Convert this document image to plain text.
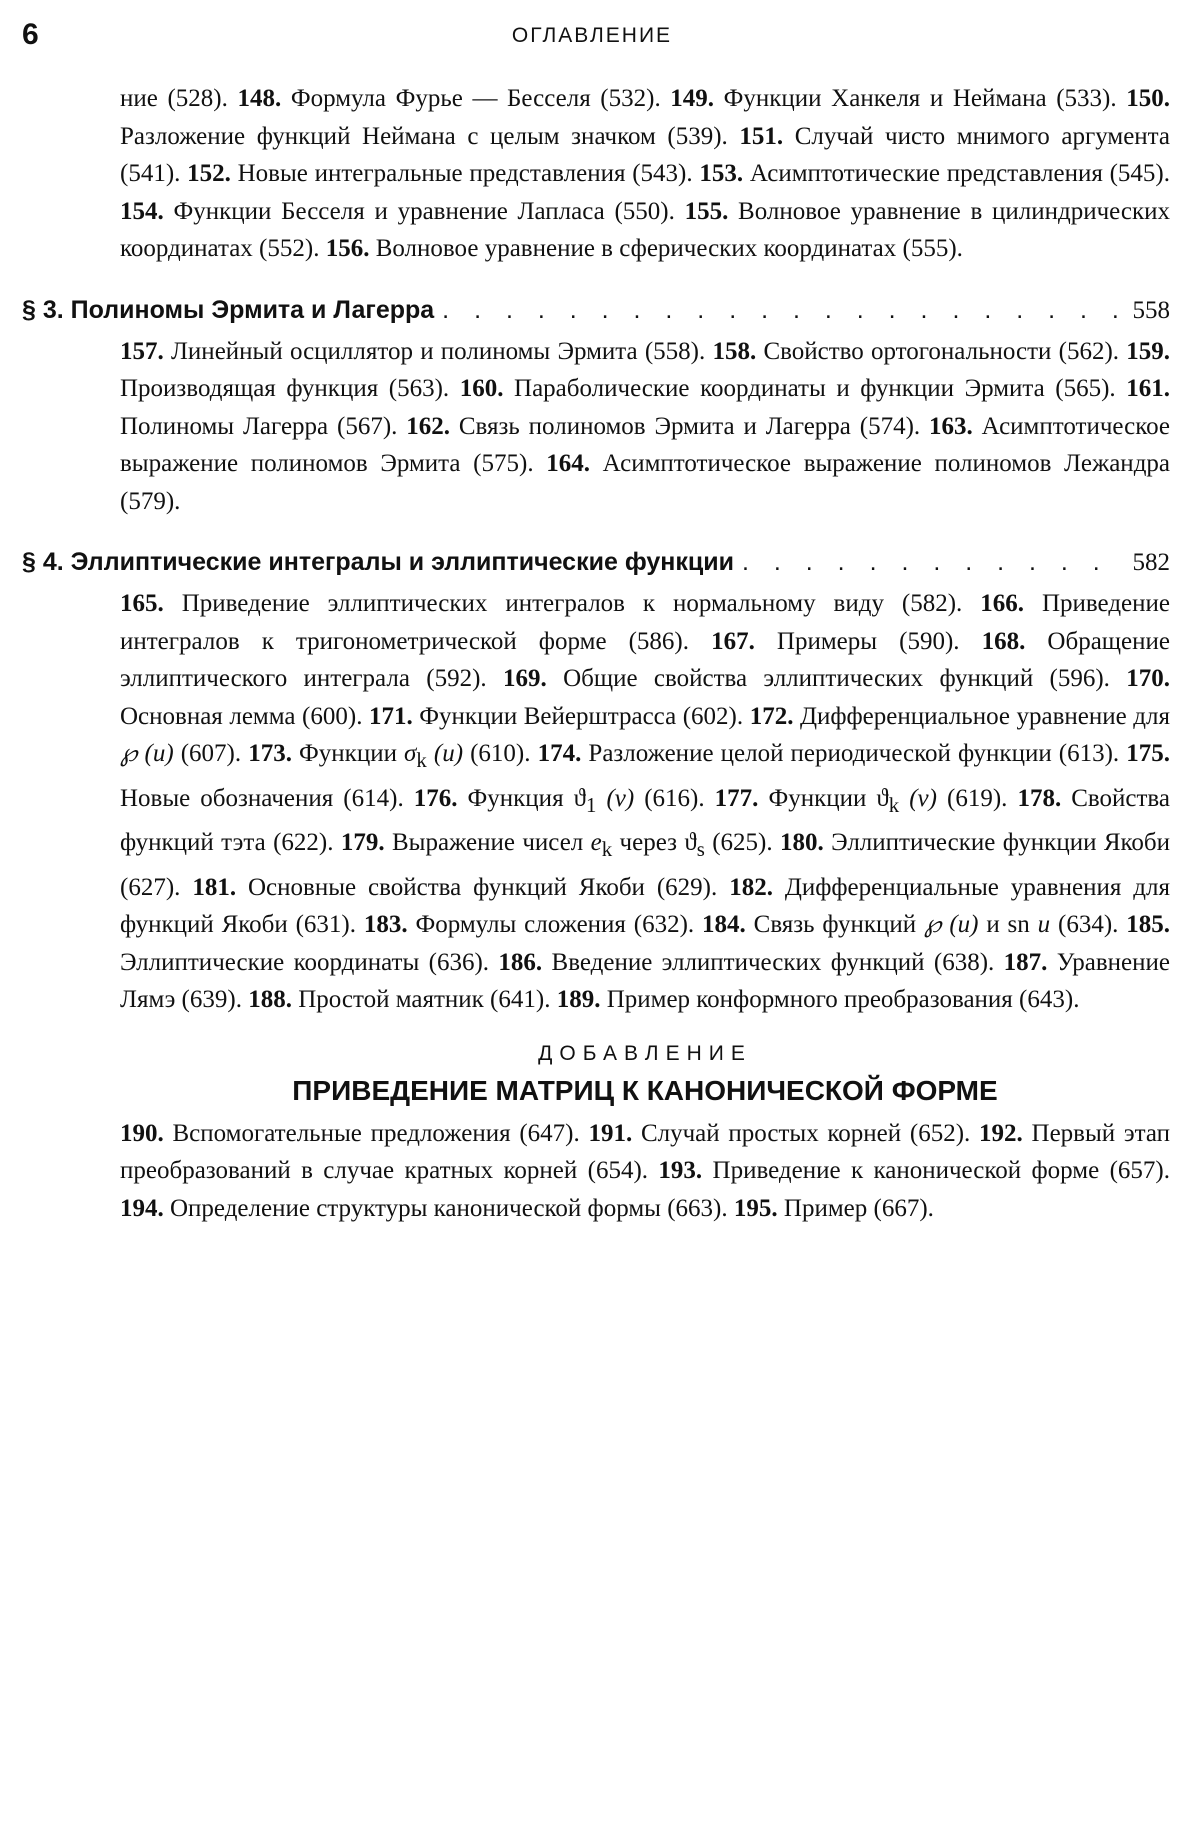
6	ОГЛАВЛЕНИЕ
ние (528). 148. Формула Фурье — Бесселя (532). 149. Функции Ханкеля и Неймана (533). 150. Разложение функций Неймана с целым значком (539). 151. Случай чисто мнимого аргумента (541). 152. Новые интегральные представления (543). 153. Асимптотические представления (545). 154. Функции Бесселя и уравнение Лапласа (550). 155. Волновое уравнение в цилиндрических координатах (552). 156. Волновое уравнение в сферических координатах (555).
§ 3. Полиномы Эрмита и Лагерра . . .	558
157. Линейный осциллятор и полиномы Эрмита (558). 158. Свойство ортогональности (562). 159. Производящая функция (563). 160. Параболические координаты и функции Эрмита (565). 161. Полиномы Лагерра (567). 162. Связь полиномов Эрмита и Лагерра (574). 163. Асимптотическое выражение полиномов Эрмита (575). 164. Асимптотическое выражение полиномов Лежандра (579).
§ 4. Эллиптические интегралы и эллиптические функции . . .	582
165. Приведение эллиптических интегралов к нормальному виду (582). 166. Приведение интегралов к тригонометрической форме (586). 167. Примеры (590). 168. Обращение эллиптического интеграла (592). 169. Общие свойства эллиптических функций (596). 170. Основная лемма (600). 171. Функции Вейерштрасса (602). 172. Дифференциальное уравнение для ℘ (u) (607). 173. Функции $\sigma_k$ (u) (610). 174. Разложение целой периодической функции (613). 175. Новые обозначения (614). 176. Функция $ϑ_1$ (v) (616). 177. Функции $ϑ_k$ (v) (619). 178. Свойства функций тэта (622). 179. Выражение чисел $e_k$ через $ϑ_s$ (625). 180. Эллиптические функции Якоби (627). 181. Основные свойства функций Якоби (629). 182. Дифференциальные уравнения для функций Якоби (631). 183. Формулы сложения (632). 184. Связь функций ℘ (u) и sn u (634). 185. Эллиптические координаты (636). 186. Введение эллиптических функций (638). 187. Уравнение Лямэ (639). 188. Простой маятник (641). 189. Пример конформного преобразования (643).
ДОБАВЛЕНИЕ
ПРИВЕДЕНИЕ МАТРИЦ К КАНОНИЧЕСКОЙ ФОРМЕ
190. Вспомогательные предложения (647). 191. Случай простых корней (652). 192. Первый этап преобразований в случае кратных корней (654). 193. Приведение к канонической форме (657). 194. Определение структуры канонической формы (663). 195. Пример (667).
